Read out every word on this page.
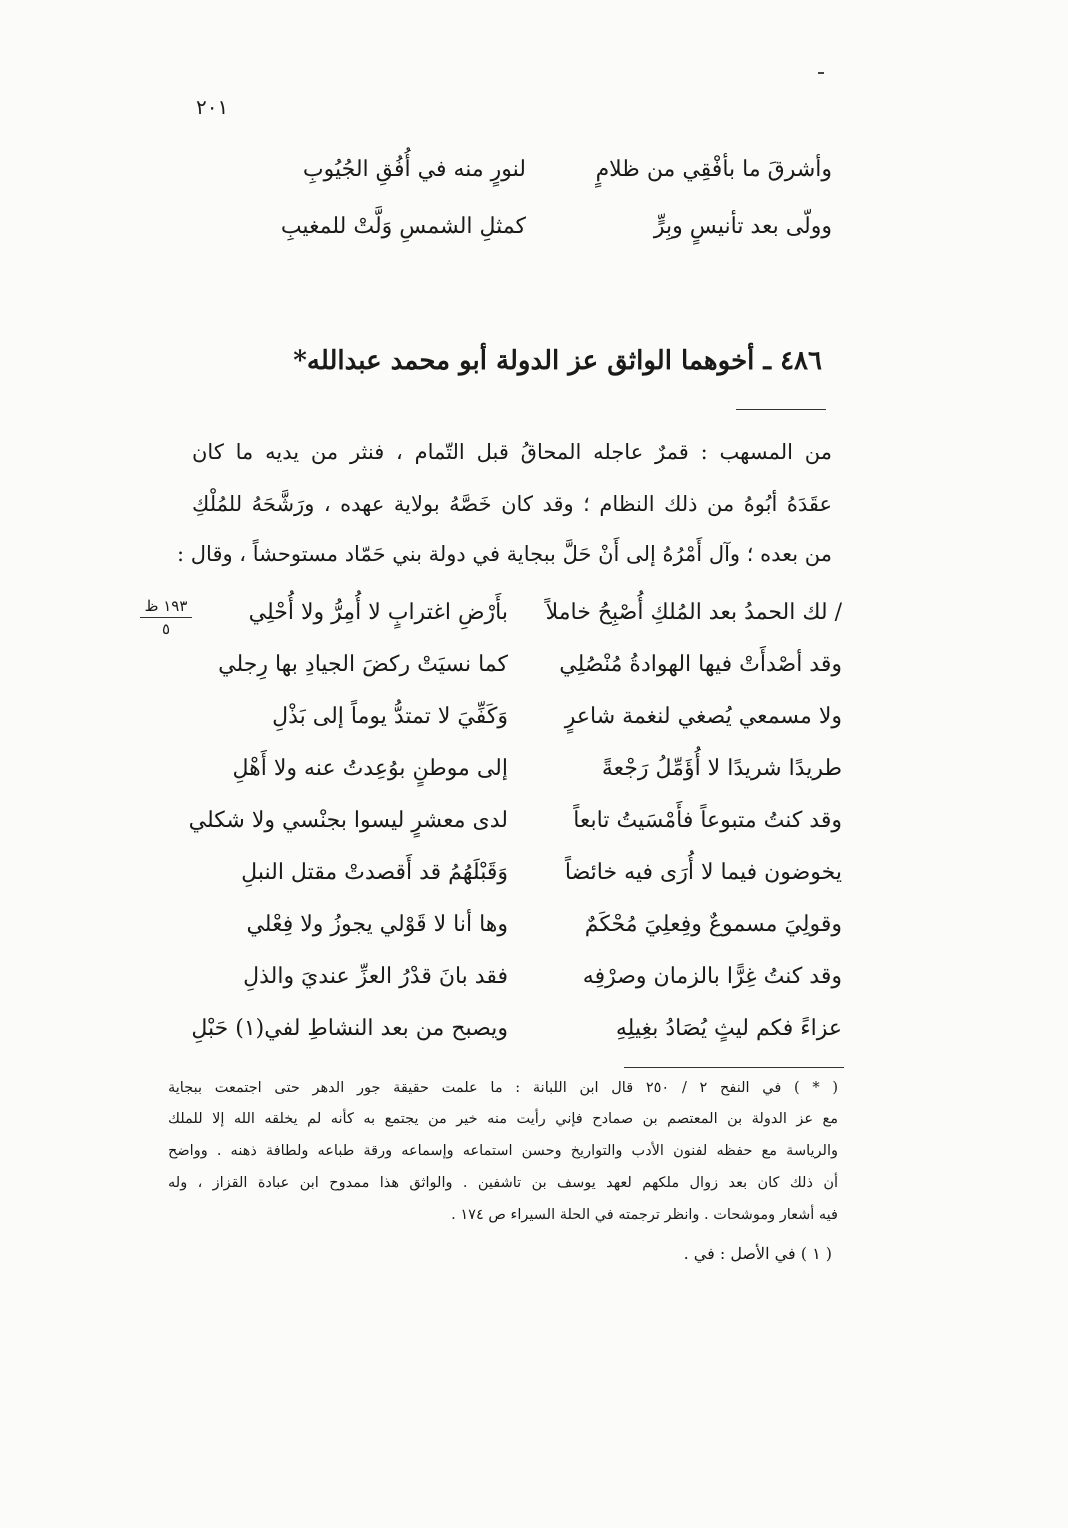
٢٠١
وأشرقَ ما بأفْقِي من ظلامٍ
لنورٍ منه في أُفُقِ الجُيُوبِ
وولّى بعد تأنيسٍ وبِرٍّ
كمثلِ الشمسِ وَلَّتْ للمغيبِ
٤٨٦ ـ أخوهما الواثق عز الدولة أبو محمد عبدالله*
من المسهب : قمرٌ عاجله المحاقُ قبل التّمام ، فنثر من يديه ما كان
عقَدَهُ أبُوهُ من ذلك النظام ؛ وقد كان خَصَّهُ بولاية عهده ، ورَشَّحَهُ للمُلْكِ
من بعده ؛ وآل أَمْرُهُ إلى أَنْ حَلَّ ببجاية في دولة بني حَمّاد مستوحشاً ، وقال :
١٩٣ ظ
٥
/ لك الحمدُ بعد المُلكِ أُصْبِحُ خاملاً
بأَرْضِ اغترابٍ لا أُمِرُّ ولا أُحْلِي
وقد أصْدأَتْ فيها الهوادةُ مُنْصُلِي
كما نسيَتْ ركضَ الجيادِ بها رِجلي
ولا مسمعي يُصغي لنغمة شاعرٍ
وَكَفِّيَ لا تمتدُّ يوماً إلى بَذْلِ
طريدًا شريدًا لا أُؤَمِّلُ رَجْعةً
إلى موطنٍ بوُعِدتُ عنه ولا أَهْلِ
وقد كنتُ متبوعاً فأَمْسَيتُ تابعاً
لدى معشرٍ ليسوا بجنْسي ولا شكلي
يخوضون فيما لا أُرَى فيه خائضاً
وَقَبْلَهُمُ قد أَقصدتْ مقتل النبلِ
وقولِيَ مسموعٌ وفِعلِيَ مُحْكَمٌ
وها أنا لا قَوْلي يجوزُ ولا فِعْلي
وقد كنتُ غِرًّا بالزمان وصرْفِه
فقد بانَ قدْرُ العزِّ عنديَ والذلِ
عزاءً فكم ليثٍ يُصَادُ بغِيلِهِ
ويصبح من بعد النشاطِ لفي(١) حَبْلِ
( * ) في النفح ٢ / ٢٥٠ قال ابن اللبانة : ما علمت حقيقة جور الدهر حتى اجتمعت ببجاية
مع عز الدولة بن المعتصم بن صمادح فإني رأيت منه خير من يجتمع به كأنه لم يخلقه الله إلا للملك
والرياسة مع حفظه لفنون الأدب والتواريخ وحسن استماعه وإسماعه ورقة طباعه ولطافة ذهنه . وواضح
أن ذلك كان بعد زوال ملكهم لعهد يوسف بن تاشفين . والواثق هذا ممدوح ابن عبادة القزاز ، وله
فيه أشعار وموشحات . وانظر ترجمته في الحلة السيراء ص ١٧٤ .
( ١ ) في الأصل : في .
